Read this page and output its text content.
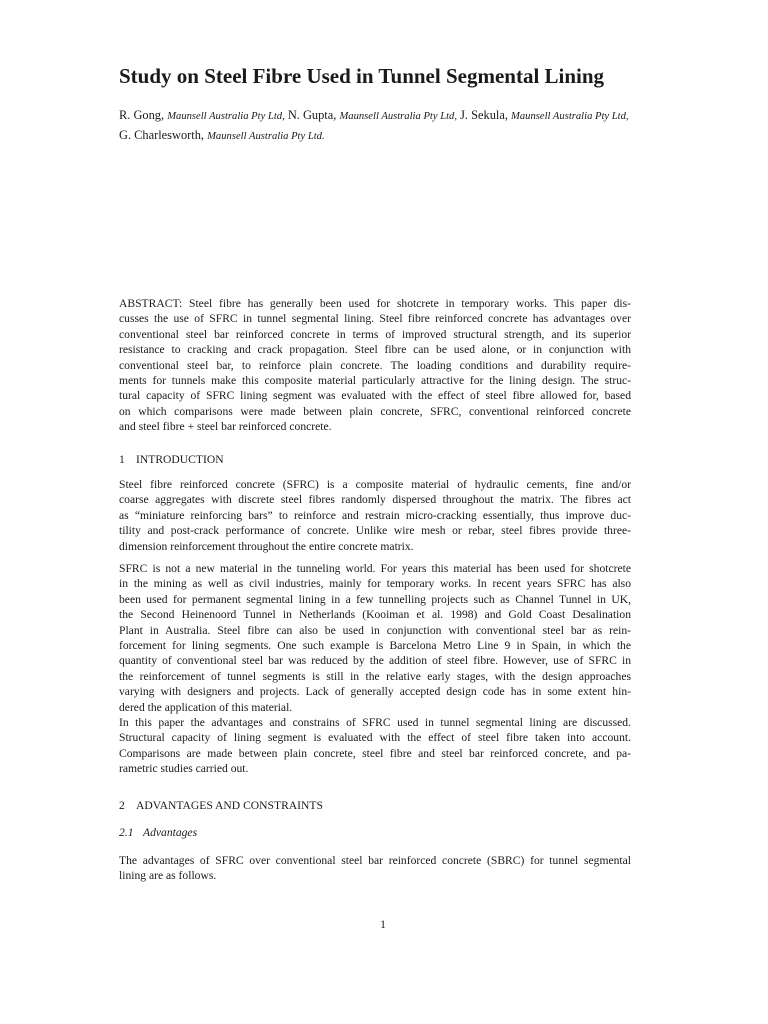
Study on Steel Fibre Used in Tunnel Segmental Lining

R. Gong, Maunsell Australia Pty Ltd, N. Gupta, Maunsell Australia Pty Ltd, J. Sekula, Maunsell Australia Pty Ltd, G. Charlesworth, Maunsell Australia Pty Ltd.

ABSTRACT: Steel fibre has generally been used for shotcrete in temporary works. This paper dis-
cusses the use of SFRC in tunnel segmental lining. Steel fibre reinforced concrete has advantages over
conventional steel bar reinforced concrete in terms of improved structural strength, and its superior
resistance to cracking and crack propagation. Steel fibre can be used alone, or in conjunction with
conventional steel bar, to reinforce plain concrete. The loading conditions and durability require-
ments for tunnels make this composite material particularly attractive for the lining design. The struc-
tural capacity of SFRC lining segment was evaluated with the effect of steel fibre allowed for, based
on which comparisons were made between plain concrete, SFRC, conventional reinforced concrete
and steel fibre + steel bar reinforced concrete.

1 INTRODUCTION

Steel fibre reinforced concrete (SFRC) is a composite material of hydraulic cements, fine and/or
coarse aggregates with discrete steel fibres randomly dispersed throughout the matrix. The fibres act
as “miniature reinforcing bars” to reinforce and restrain micro-cracking essentially, thus improve duc-
tility and post-crack performance of concrete. Unlike wire mesh or rebar, steel fibres provide three-
dimension reinforcement throughout the entire concrete matrix.

SFRC is not a new material in the tunneling world. For years this material has been used for shotcrete
in the mining as well as civil industries, mainly for temporary works. In recent years SFRC has also
been used for permanent segmental lining in a few tunnelling projects such as Channel Tunnel in UK,
the Second Heinenoord Tunnel in Netherlands (Kooiman et al. 1998) and Gold Coast Desalination
Plant in Australia. Steel fibre can also be used in conjunction with conventional steel bar as rein-
forcement for lining segments. One such example is Barcelona Metro Line 9 in Spain, in which the
quantity of conventional steel bar was reduced by the addition of steel fibre. However, use of SFRC in
the reinforcement of tunnel segments is still in the relative early stages, with the design approaches
varying with designers and projects. Lack of generally accepted design code has in some extent hin-
dered the application of this material.

In this paper the advantages and constrains of SFRC used in tunnel segmental lining are discussed.
Structural capacity of lining segment is evaluated with the effect of steel fibre taken into account.
Comparisons are made between plain concrete, steel fibre and steel bar reinforced concrete, and pa-
rametric studies carried out.

2 ADVANTAGES AND CONSTRAINTS
2.1 Advantages

The advantages of SFRC over conventional steel bar reinforced concrete (SBRC) for tunnel segmental
lining are as follows.

1
